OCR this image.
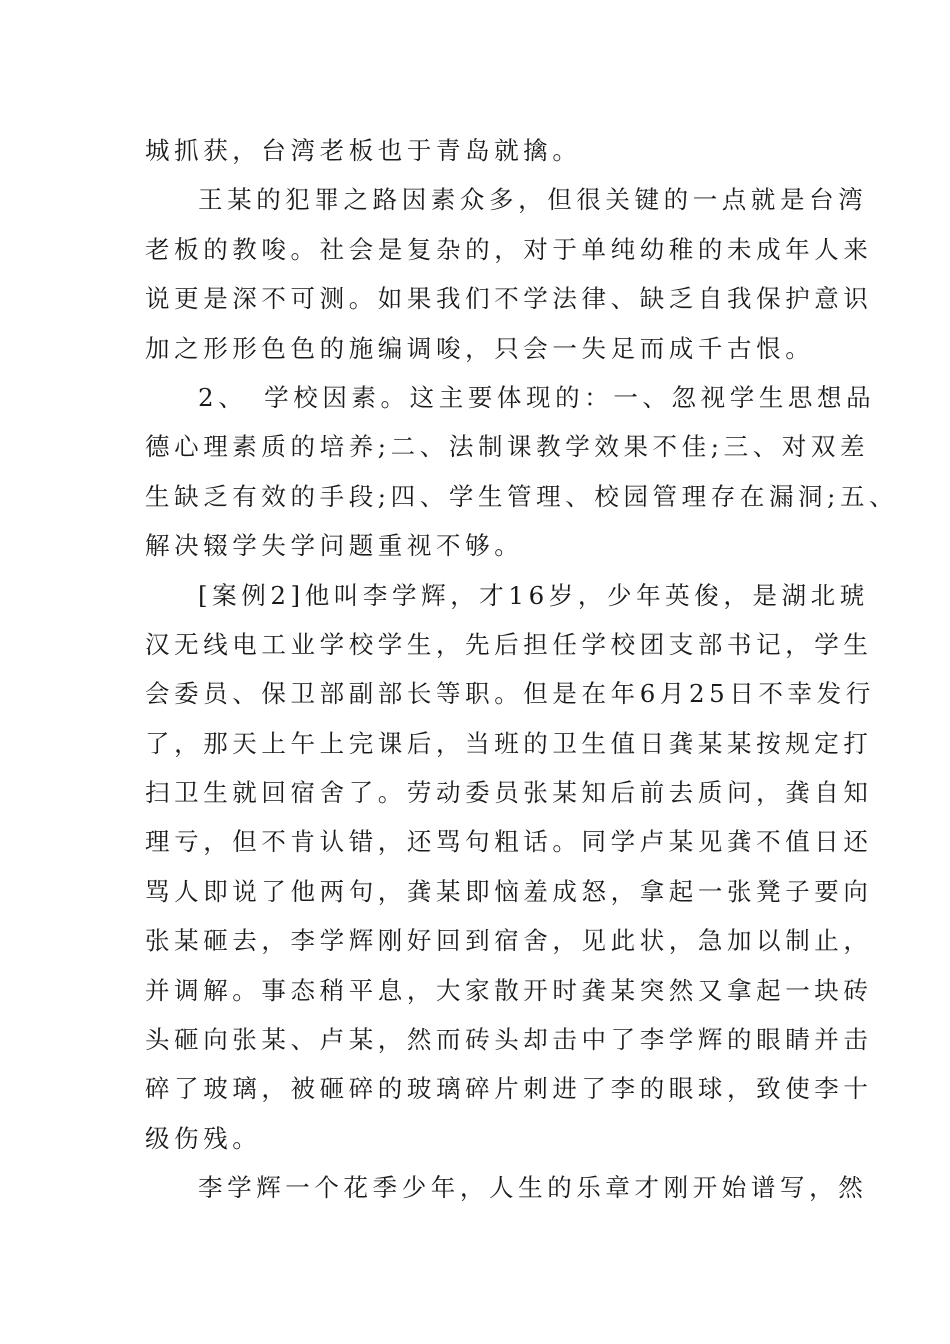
城抓获，台湾老板也于青岛就擒。
王某的犯罪之路因素众多，但很关键的一点就是台湾
老板的教唆。社会是复杂的，对于单纯幼稚的未成年人来
说更是深不可测。如果我们不学法律、缺乏自我保护意识
加之形形色色的施编调唆，只会一失足而成千古恨。
2、　学校因素。这主要体现的：一、忽视学生思想品
德心理素质的培养;二、法制课教学效果不佳;三、对双差
生缺乏有效的手段;四、学生管理、校园管理存在漏洞;五、
解决辍学失学问题重视不够。
[案例2]他叫李学辉，才16岁，少年英俊，是湖北琥
汉无线电工业学校学生，先后担任学校团支部书记，学生
会委员、保卫部副部长等职。但是在年6月25日不幸发行
了，那天上午上完课后，当班的卫生值日龚某某按规定打
扫卫生就回宿舍了。劳动委员张某知后前去质问，龚自知
理亏，但不肯认错，还骂句粗话。同学卢某见龚不值日还
骂人即说了他两句，龚某即恼羞成怒，拿起一张凳子要向
张某砸去，李学辉刚好回到宿舍，见此状，急加以制止，
并调解。事态稍平息，大家散开时龚某突然又拿起一块砖
头砸向张某、卢某，然而砖头却击中了李学辉的眼睛并击
碎了玻璃，被砸碎的玻璃碎片刺进了李的眼球，致使李十
级伤残。
李学辉一个花季少年，人生的乐章才刚开始谱写，然
